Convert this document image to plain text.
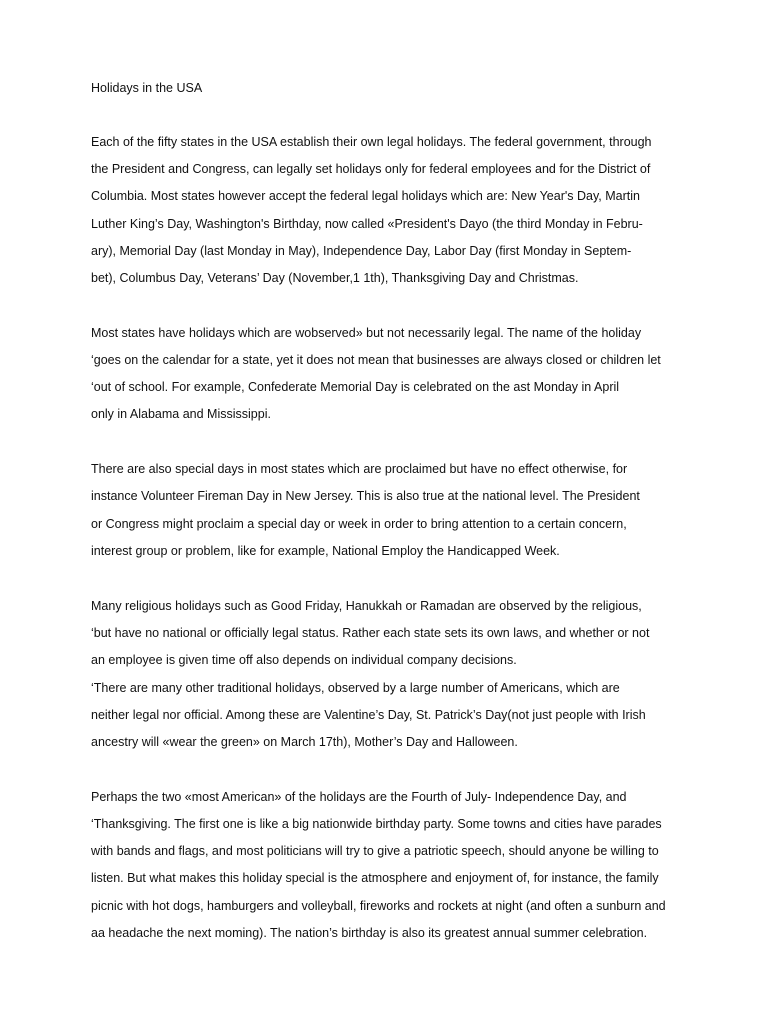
Holidays in the USA
Each of the fifty states in the USA establish their own legal holidays. The federal government, through
the President and Congress, can legally set holidays only for federal employees and for the District of
Columbia. Most states however accept the federal legal holidays which are: New Year's Day, Martin
Luther King’s Day, Washington's Birthday, now called «President's Dayo (the third Monday in Febru-
ary), Memorial Day (last Monday in May), Independence Day, Labor Day (first Monday in Septem-
bet), Columbus Day, Veterans’ Day (November,1 1th), Thanksgiving Day and Christmas.
Most states have holidays which are wobserved» but not necessarily legal. The name of the holiday
‘goes on the calendar for a state, yet it does not mean that businesses are always closed or children let
‘out of school. For example, Confederate Memorial Day is celebrated on the ast Monday in April
only in Alabama and Mississippi.
There are also special days in most states which are proclaimed but have no effect otherwise, for
instance Volunteer Fireman Day in New Jersey. This is also true at the national level. The President
or Congress might proclaim a special day or week in order to bring attention to a certain concern,
interest group or problem, like for example, National Employ the Handicapped Week.
Many religious holidays such as Good Friday, Hanukkah or Ramadan are observed by the religious,
‘but have no national or officially legal status. Rather each state sets its own laws, and whether or not
an employee is given time off also depends on individual company decisions.
‘There are many other traditional holidays, observed by a large number of Americans, which are
neither legal nor official. Among these are Valentine’s Day, St. Patrick’s Day(not just people with Irish
ancestry will «wear the green» on March 17th), Mother’s Day and Halloween.
Perhaps the two «most American» of the holidays are the Fourth of July- Independence Day, and
‘Thanksgiving. The first one is like a big nationwide birthday party. Some towns and cities have parades
with bands and flags, and most politicians will try to give a patriotic speech, should anyone be willing to
listen. But what makes this holiday special is the atmosphere and enjoyment of, for instance, the family
picnic with hot dogs, hamburgers and volleyball, fireworks and rockets at night (and often a sunburn and
aa headache the next moming). The nation’s birthday is also its greatest annual summer celebration.
